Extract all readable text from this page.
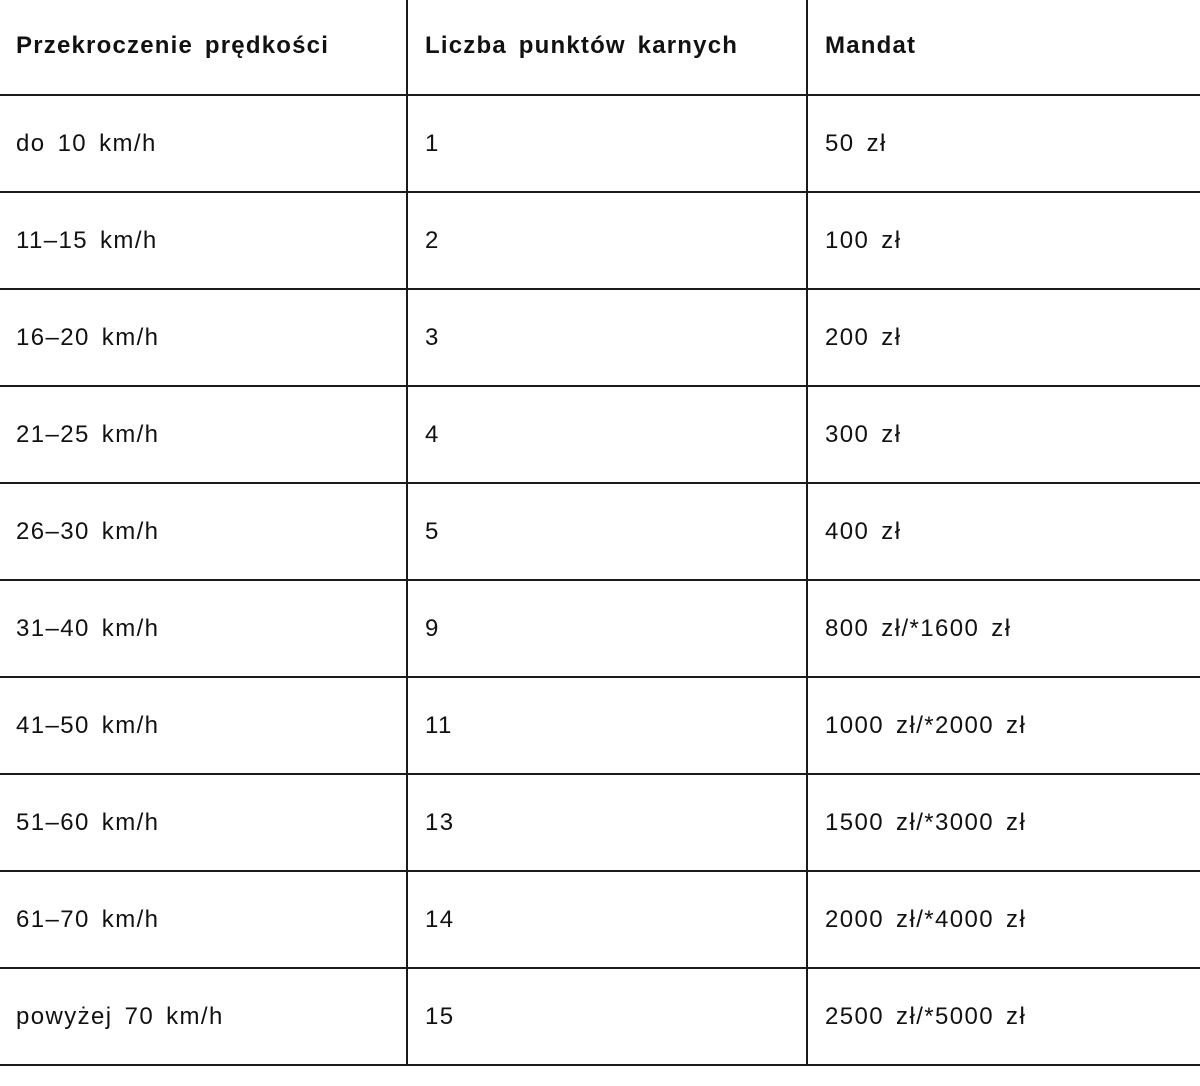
Przekroczenie prędkości	Liczba punktów karnych	Mandat
do 10 km/h	1	50 zł
11–15 km/h	2	100 zł
16–20 km/h	3	200 zł
21–25 km/h	4	300 zł
26–30 km/h	5	400 zł
31–40 km/h	9	800 zł/*1600 zł
41–50 km/h	11	1000 zł/*2000 zł
51–60 km/h	13	1500 zł/*3000 zł
61–70 km/h	14	2000 zł/*4000 zł
powyżej 70 km/h	15	2500 zł/*5000 zł
